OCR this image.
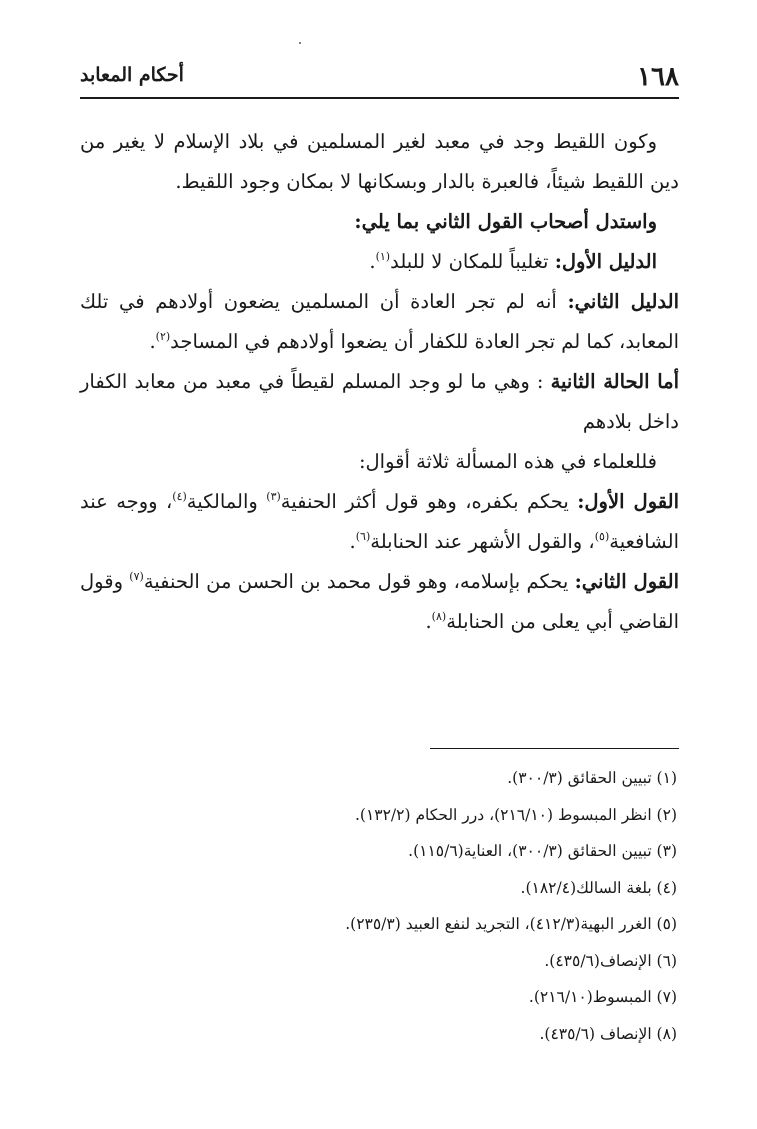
١٦٨
أحكام المعابد

وكون اللقيط وجد في معبد لغير المسلمين في بلاد الإسلام لا يغير من دين اللقيط شيئاً، فالعبرة بالدار وبسكانها لا بمكان وجود اللقيط.

واستدل أصحاب القول الثاني بما يلي:

الدليل الأول: تغليباً للمكان لا للبلد$^{(١)}$.

الدليل الثاني: أنه لم تجر العادة أن المسلمين يضعون أولادهم في تلك المعابد، كما لم تجر العادة للكفار أن يضعوا أولادهم في المساجد$^{(٢)}$.

أما الحالة الثانية : وهي ما لو وجد المسلم لقيطاً في معبد من معابد الكفار داخل بلادهم

فللعلماء في هذه المسألة ثلاثة أقوال:

القول الأول: يحكم بكفره، وهو قول أكثر الحنفية$^{(٣)}$ والمالكية$^{(٤)}$، ووجه عند الشافعية$^{(٥)}$، والقول الأشهر عند الحنابلة$^{(٦)}$.

القول الثاني: يحكم بإسلامه، وهو قول محمد بن الحسن من الحنفية$^{(٧)}$ وقول القاضي أبي يعلى من الحنابلة$^{(٨)}$.

(١) تبيين الحقائق (٣٠٠/٣).

(٢) انظر المبسوط (٢١٦/١٠)، درر الحكام (١٣٢/٢).

(٣) تبيين الحقائق (٣٠٠/٣)، العناية(١١٥/٦).

(٤) بلغة السالك(١٨٢/٤).

(٥) الغرر البهية(٤١٢/٣)، التجريد لنفع العبيد (٢٣٥/٣).

(٦) الإنصاف(٤٣٥/٦).

(٧) المبسوط(٢١٦/١٠).

(٨) الإنصاف (٤٣٥/٦).
